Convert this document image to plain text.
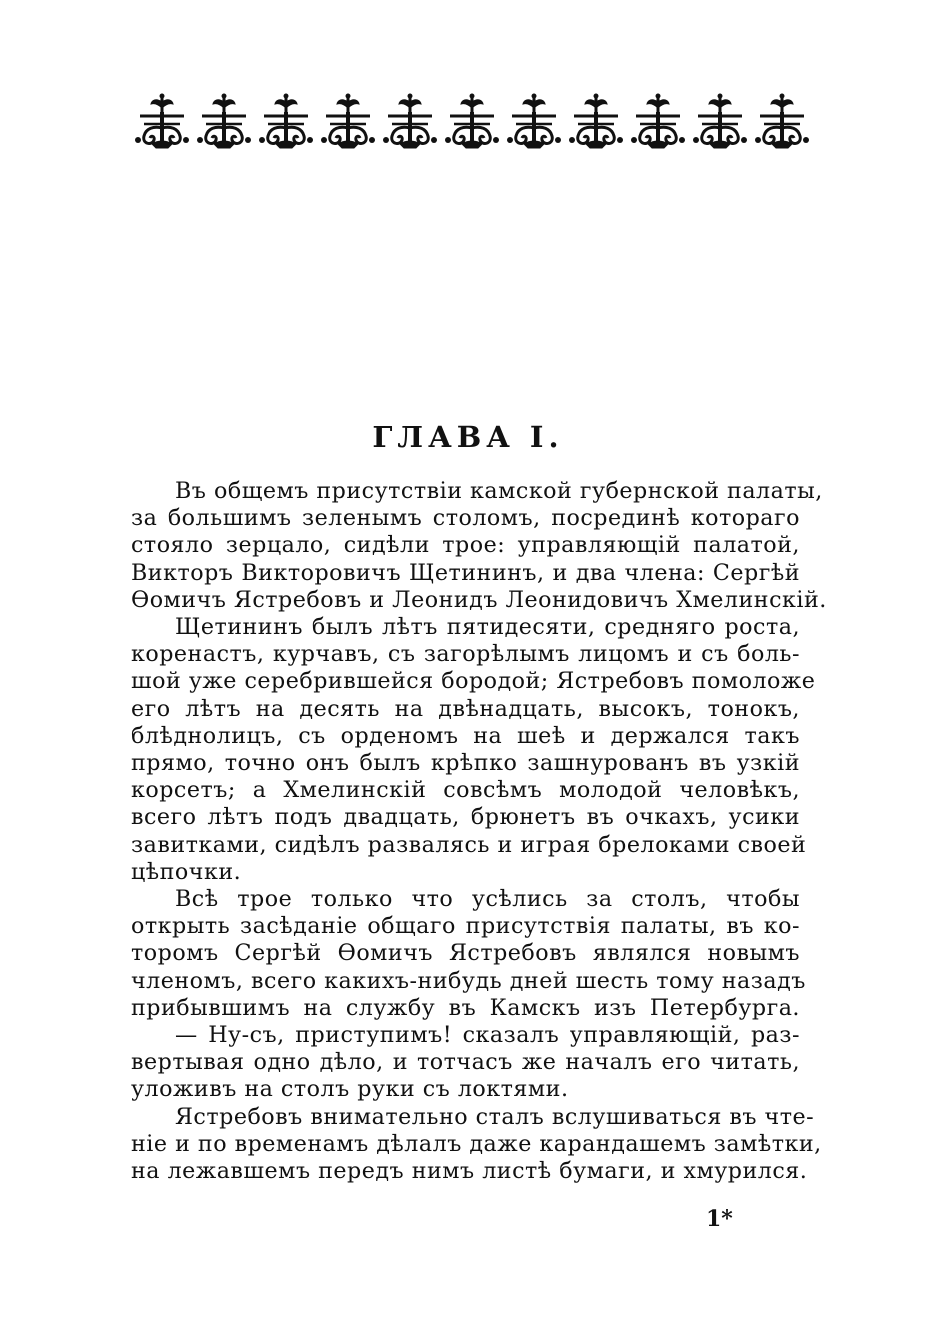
ГЛАВА I.
Въ общемъ присутствіи камской губернской палаты,
за большимъ зеленымъ столомъ, посрединѣ котораго
стояло зерцало, сидѣли трое: управляющій палатой,
Викторъ Викторовичъ Щетининъ, и два члена: Сергѣй
Ѳомичъ Ястребовъ и Леонидъ Леонидовичъ Хмелинскій.
Щетининъ былъ лѣтъ пятидесяти, средняго роста,
коренастъ, курчавъ, съ загорѣлымъ лицомъ и съ боль-
шой уже серебрившейся бородой; Ястребовъ помоложе
его лѣтъ на десять на двѣнадцать, высокъ, тонокъ,
блѣднолицъ, съ орденомъ на шеѣ и держался такъ
прямо, точно онъ былъ крѣпко зашнурованъ въ узкій
корсетъ; а Хмелинскій совсѣмъ молодой человѣкъ,
всего лѣтъ подъ двадцать, брюнетъ въ очкахъ, усики
завитками, сидѣлъ развалясь и играя брелоками своей
цѣпочки.
Всѣ трое только что усѣлись за столъ, чтобы
открыть засѣданіе общаго присутствія палаты, въ ко-
торомъ Сергѣй Ѳомичъ Ястребовъ являлся новымъ
членомъ, всего какихъ-нибудь дней шесть тому назадъ
прибывшимъ на службу въ Камскъ изъ Петербурга.
— Ну-съ, приступимъ! сказалъ управляющій, раз-
вертывая одно дѣло, и тотчасъ же началъ его читать,
уложивъ на столъ руки съ локтями.
Ястребовъ внимательно сталъ вслушиваться въ чте-
ніе и по временамъ дѣлалъ даже карандашемъ замѣтки,
на лежавшемъ передъ нимъ листѣ бумаги, и хмурился.
1*
